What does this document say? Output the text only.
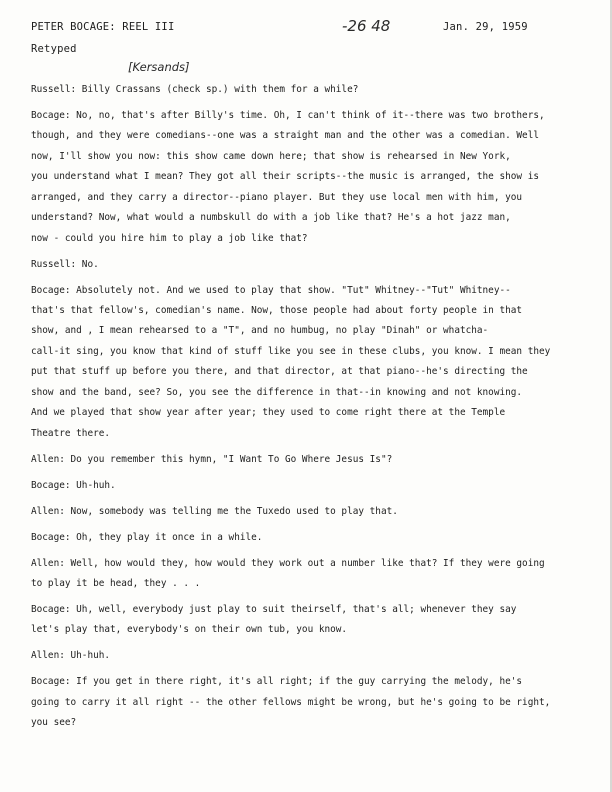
PETER BOCAGE: REEL III	-26 48	Jan. 29, 1959
Retyped
[Kersands]
Russell: Billy Crassans (check sp.) with them for a while?
Bocage: No, no, that's after Billy's time. Oh, I can't think of it--there was two brothers,
though, and they were comedians--one was a straight man and the other was a comedian. Well
now, I'll show you now: this show came down here; that show is rehearsed in New York,
you understand what I mean? They got all their scripts--the music is arranged, the show is
arranged, and they carry a director--piano player. But they use local men with him, you
understand? Now, what would a numbskull do with a job like that? He's a hot jazz man,
now - could you hire him to play a job like that?
Russell: No.
Bocage: Absolutely not. And we used to play that show. "Tut" Whitney--"Tut" Whitney--
that's that fellow's, comedian's name. Now, those people had about forty people in that
show, and , I mean rehearsed to a "T", and no humbug, no play "Dinah" or whatcha-
call-it sing, you know that kind of stuff like you see in these clubs, you know. I mean they
put that stuff up before you there, and that director, at that piano--he's directing the
show and the band, see? So, you see the difference in that--in knowing and not knowing.
And we played that show year after year; they used to come right there at the Temple
Theatre there.
Allen: Do you remember this hymn, "I Want To Go Where Jesus Is"?
Bocage: Uh-huh.
Allen: Now, somebody was telling me the Tuxedo used to play that.
Bocage: Oh, they play it once in a while.
Allen: Well, how would they, how would they work out a number like that? If they were going
to play it be head, they . . .
Bocage: Uh, well, everybody just play to suit theirself, that's all; whenever they say
let's play that, everybody's on their own tub, you know.
Allen: Uh-huh.
Bocage: If you get in there right, it's all right; if the guy carrying the melody, he's
going to carry it all right -- the other fellows might be wrong, but he's going to be right,
you see?
